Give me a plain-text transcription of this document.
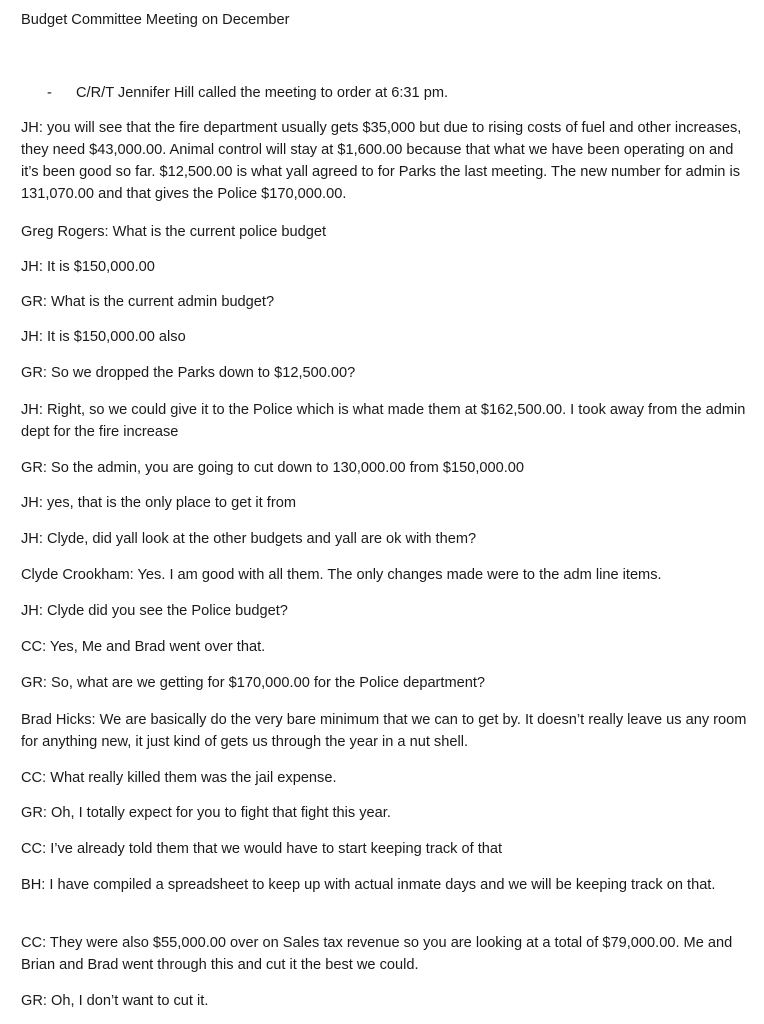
Budget Committee Meeting on December
- C/R/T Jennifer Hill called the meeting to order at 6:31 pm.

JH: you will see that the fire department usually gets $35,000 but due to rising costs of fuel and other increases, they need $43,000.00. Animal control will stay at $1,600.00 because that what we have been operating on and it’s been good so far. $12,500.00 is what yall agreed to for Parks the last meeting. The new number for admin is 131,070.00 and that gives the Police $170,000.00.

Greg Rogers: What is the current police budget

JH: It is $150,000.00

GR: What is the current admin budget?

JH: It is $150,000.00 also

GR: So we dropped the Parks down to $12,500.00?

JH: Right, so we could give it to the Police which is what made them at $162,500.00. I took away from the admin dept for the fire increase

GR: So the admin, you are going to cut down to 130,000.00 from $150,000.00

JH: yes, that is the only place to get it from

JH: Clyde, did yall look at the other budgets and yall are ok with them?

Clyde Crookham: Yes. I am good with all them. The only changes made were to the adm line items.

JH: Clyde did you see the Police budget?

CC: Yes, Me and Brad went over that.

GR: So, what are we getting for $170,000.00 for the Police department?

Brad Hicks: We are basically do the very bare minimum that we can to get by. It doesn’t really leave us any room for anything new, it just kind of gets us through the year in a nut shell.

CC: What really killed them was the jail expense.

GR: Oh, I totally expect for you to fight that fight this year.

CC: I’ve already told them that we would have to start keeping track of that

BH: I have compiled a spreadsheet to keep up with actual inmate days and we will be keeping track on that.

CC: They were also $55,000.00 over on Sales tax revenue so you are looking at a total of $79,000.00. Me and Brian and Brad went through this and cut it the best we could.

GR: Oh, I don’t want to cut it.
